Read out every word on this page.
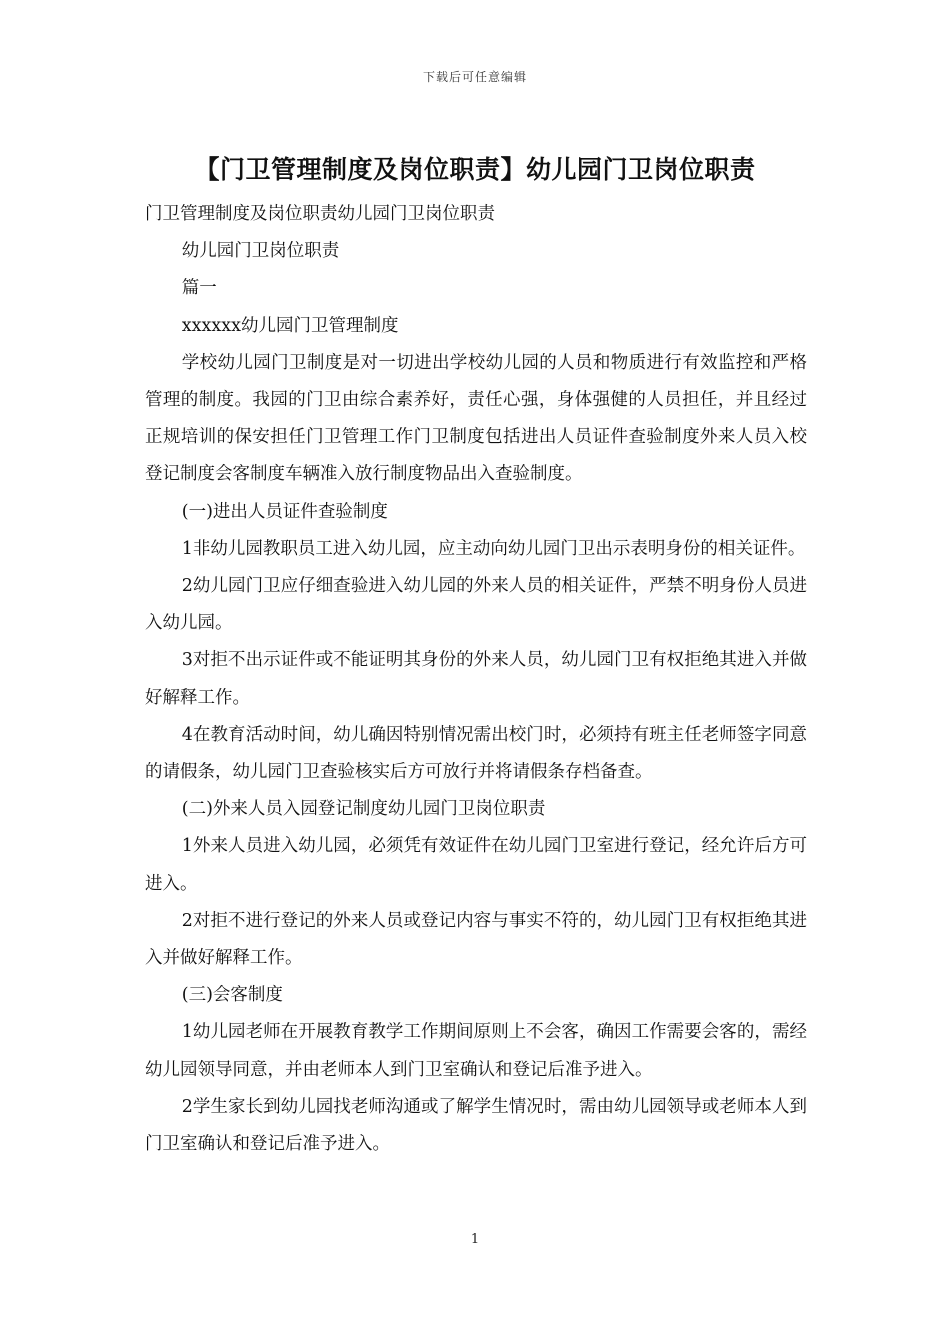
下载后可任意编辑
【门卫管理制度及岗位职责】幼儿园门卫岗位职责

门卫管理制度及岗位职责幼儿园门卫岗位职责

幼儿园门卫岗位职责

篇一

xxxxxx幼儿园门卫管理制度

学校幼儿园门卫制度是对一切进出学校幼儿园的人员和物质进行有效监控和严格管理的制度。我园的门卫由综合素养好，责任心强，身体强健的人员担任，并且经过正规培训的保安担任门卫管理工作门卫制度包括进出人员证件查验制度外来人员入校登记制度会客制度车辆准入放行制度物品出入查验制度。

(一)进出人员证件查验制度

1非幼儿园教职员工进入幼儿园，应主动向幼儿园门卫出示表明身份的相关证件。

2幼儿园门卫应仔细查验进入幼儿园的外来人员的相关证件，严禁不明身份人员进入幼儿园。

3对拒不出示证件或不能证明其身份的外来人员，幼儿园门卫有权拒绝其进入并做好解释工作。

4在教育活动时间，幼儿确因特别情况需出校门时，必须持有班主任老师签字同意的请假条，幼儿园门卫查验核实后方可放行并将请假条存档备查。

(二)外来人员入园登记制度幼儿园门卫岗位职责

1外来人员进入幼儿园，必须凭有效证件在幼儿园门卫室进行登记，经允许后方可进入。

2对拒不进行登记的外来人员或登记内容与事实不符的，幼儿园门卫有权拒绝其进入并做好解释工作。

(三)会客制度

1幼儿园老师在开展教育教学工作期间原则上不会客，确因工作需要会客的，需经幼儿园领导同意，并由老师本人到门卫室确认和登记后准予进入。

2学生家长到幼儿园找老师沟通或了解学生情况时，需由幼儿园领导或老师本人到门卫室确认和登记后准予进入。

1
